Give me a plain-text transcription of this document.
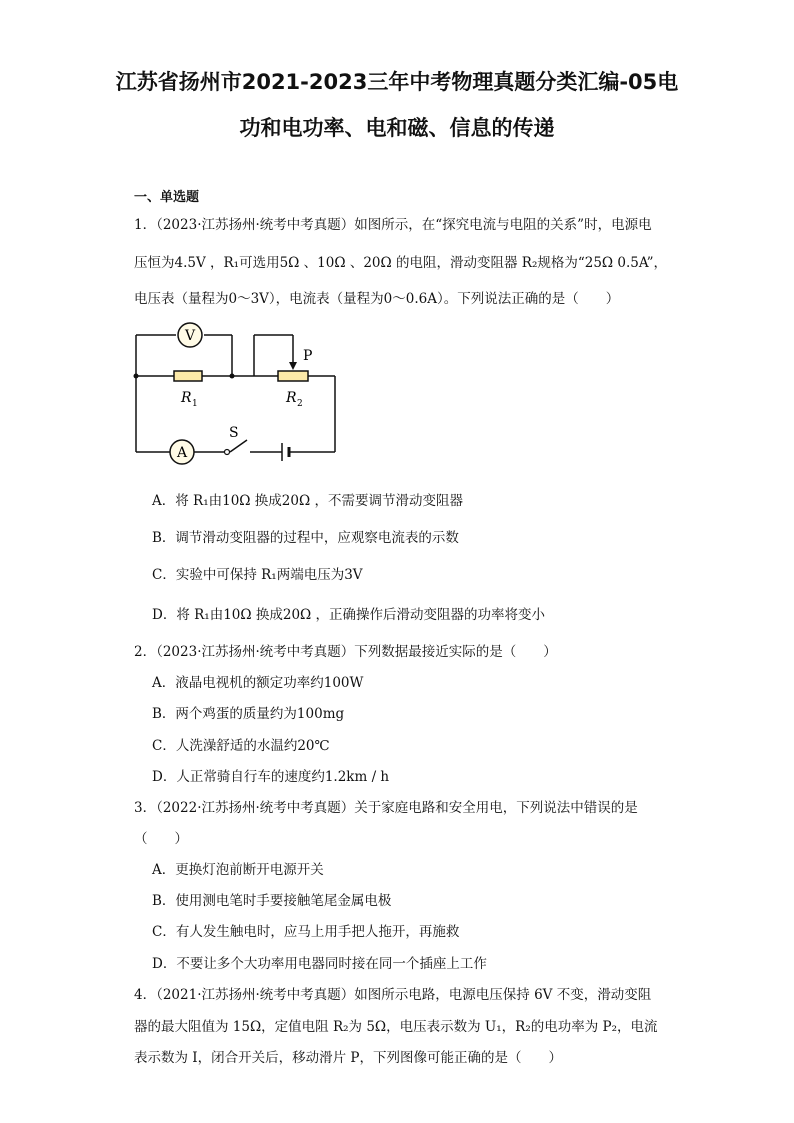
江苏省扬州市2021-2023三年中考物理真题分类汇编-05电
功和电功率、电和磁、信息的传递
一、单选题
1．（2023·江苏扬州·统考中考真题）如图所示，在“探究电流与电阻的关系”时，电源电
压恒为4.5V ，R₁可选用5Ω 、10Ω 、20Ω 的电阻，滑动变阻器 R₂规格为“25Ω 0.5A”，
电压表（量程为0～3V），电流表（量程为0～0.6A）。下列说法正确的是（　　）
V
A
P
S
R 1	R 2
A．将 R₁由10Ω 换成20Ω ，不需要调节滑动变阻器
B．调节滑动变阻器的过程中，应观察电流表的示数
C．实验中可保持 R₁两端电压为3V
D．将 R₁由10Ω 换成20Ω ，正确操作后滑动变阻器的功率将变小
2．（2023·江苏扬州·统考中考真题）下列数据最接近实际的是（　　）
A．液晶电视机的额定功率约100W
B．两个鸡蛋的质量约为100mg
C．人洗澡舒适的水温约20℃
D．人正常骑自行车的速度约1.2km / h
3．（2022·江苏扬州·统考中考真题）关于家庭电路和安全用电，下列说法中错误的是
（　　）
A．更换灯泡前断开电源开关
B．使用测电笔时手要接触笔尾金属电极
C．有人发生触电时，应马上用手把人拖开，再施救
D．不要让多个大功率用电器同时接在同一个插座上工作
4．（2021·江苏扬州·统考中考真题）如图所示电路，电源电压保持 6V 不变，滑动变阻
器的最大阻值为 15Ω，定值电阻 R₂为 5Ω，电压表示数为 U₁，R₂的电功率为 P₂，电流
表示数为 I，闭合开关后，移动滑片 P，下列图像可能正确的是（　　）
